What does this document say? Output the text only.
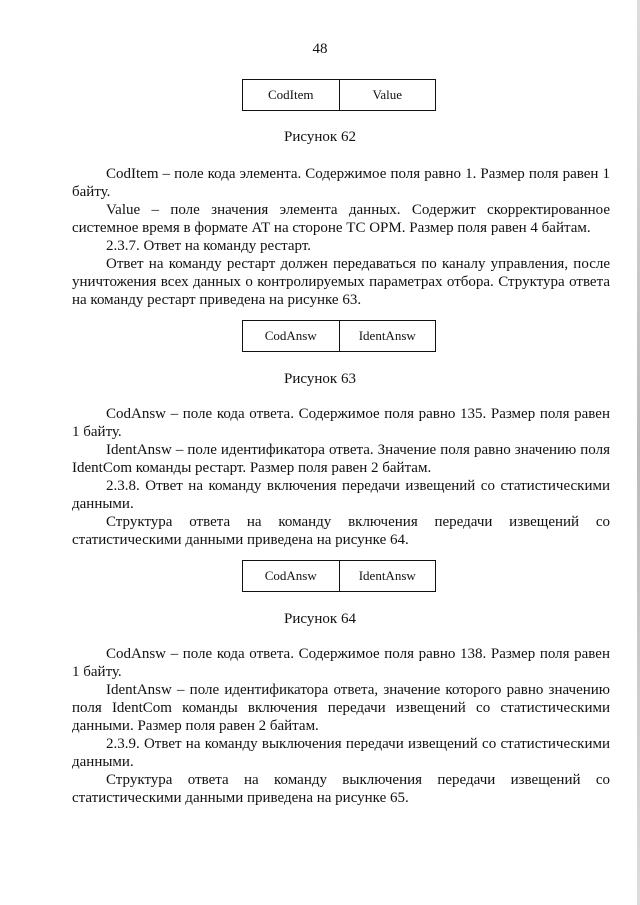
48
CodItem	Value
Рисунок 62

CodItem – поле кода элемента. Содержимое поля равно 1. Размер поля равен 1 байту.

Value – поле значения элемента данных. Содержит скорректированное системное время в формате АТ на стороне ТС ОРМ. Размер поля равен 4 байтам.

2.3.7. Ответ на команду рестарт.

Ответ на команду рестарт должен передаваться по каналу управления, после уничтожения всех данных о контролируемых параметрах отбора. Структура ответа на команду рестарт приведена на рисунке 63.

CodAnsw	IdentAnsw
Рисунок 63

CodAnsw – поле кода ответа. Содержимое поля равно 135. Размер поля равен 1 байту.

IdentAnsw – поле идентификатора ответа. Значение поля равно значению поля IdentCom команды рестарт. Размер поля равен 2 байтам.

2.3.8. Ответ на команду включения передачи извещений со статистическими данными.

Структура ответа на команду включения передачи извещений со статистическими данными приведена на рисунке 64.

CodAnsw	IdentAnsw
Рисунок 64

CodAnsw – поле кода ответа. Содержимое поля равно 138. Размер поля равен 1 байту.

IdentAnsw – поле идентификатора ответа, значение которого равно значению поля IdentCom команды включения передачи извещений со статистическими данными. Размер поля равен 2 байтам.

2.3.9. Ответ на команду выключения передачи извещений со статистическими данными.

Структура ответа на команду выключения передачи извещений со статистическими данными приведена на рисунке 65.
